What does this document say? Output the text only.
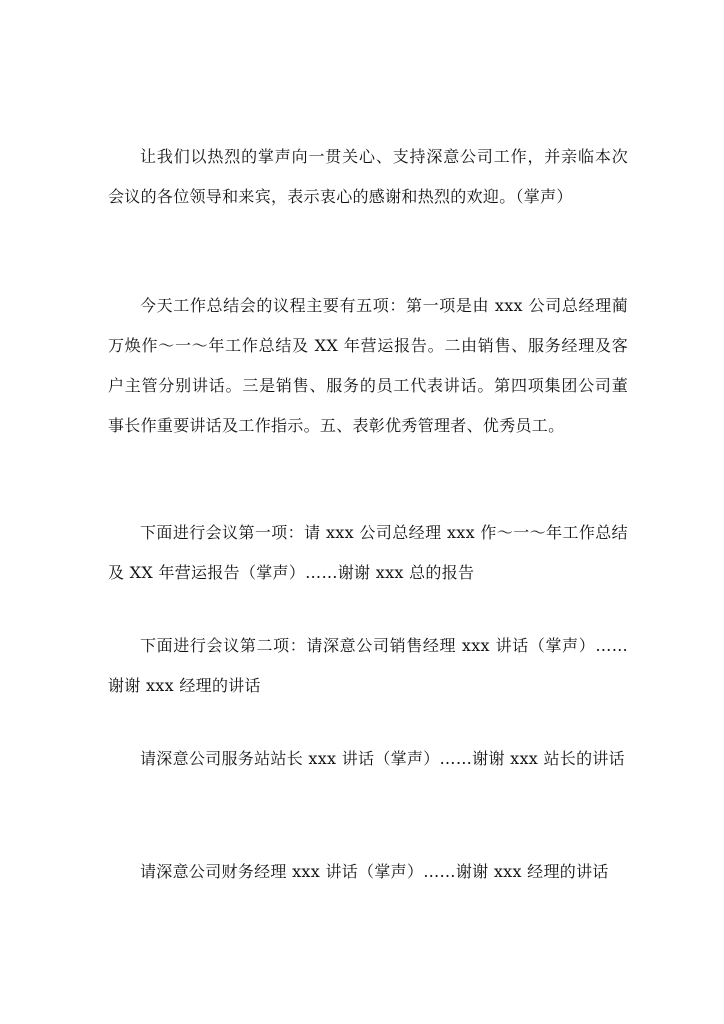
让我们以热烈的掌声向一贯关心、支持深意公司工作，并亲临本次会议的各位领导和来宾，表示衷心的感谢和热烈的欢迎。（掌声）

今天工作总结会的议程主要有五项：第一项是由 xxx 公司总经理蔺万焕作～一～年工作总结及 XX 年营运报告。二由销售、服务经理及客户主管分别讲话。三是销售、服务的员工代表讲话。第四项集团公司董事长作重要讲话及工作指示。五、表彰优秀管理者、优秀员工。

下面进行会议第一项：请 xxx 公司总经理 xxx 作～一～年工作总结及 XX 年营运报告（掌声）……谢谢 xxx 总的报告

下面进行会议第二项：请深意公司销售经理 xxx 讲话（掌声）……谢谢 xxx 经理的讲话

请深意公司服务站站长 xxx 讲话（掌声）……谢谢 xxx 站长的讲话

请深意公司财务经理 xxx 讲话（掌声）……谢谢 xxx 经理的讲话
